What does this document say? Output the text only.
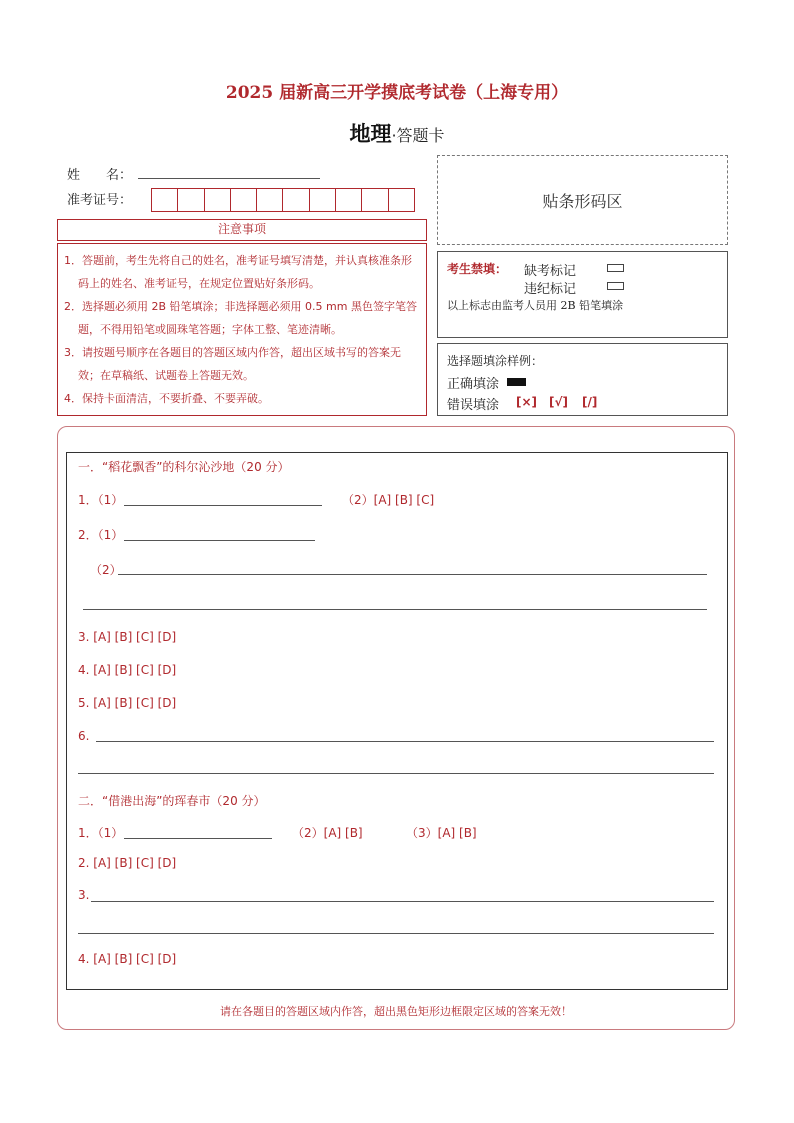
2025 届新高三开学摸底考试卷（上海专用）
地理·答题卡
姓　　名：
准考证号：	贴条形码区
注意事项

1．答题前，考生先将自己的姓名，准考证号填写清楚，并认真核准条形码上的姓名、准考证号，在规定位置贴好条形码。

2．选择题必须用 2B 铅笔填涂；非选择题必须用 0.5 mm 黑色签字笔答题，不得用铅笔或圆珠笔答题；字体工整、笔迹清晰。

3．请按题号顺序在各题目的答题区域内作答，超出区域书写的答案无效；在草稿纸、试题卷上答题无效。

4．保持卡面清洁，不要折叠、不要弄破。

考生禁填： 缺考标记
违纪标记
以上标志由监考人员用 2B 铅笔填涂
选择题填涂样例：
正确填涂
错误填涂 [×] [√] [/]
一．“稻花飘香”的科尔沁沙地（20 分）
1．（1）	（2）[A] [B] [C]
2．（1）
（2）
3. [A] [B] [C] [D]
4. [A] [B] [C] [D]
5. [A] [B] [C] [D]
6.
二．“借港出海”的珲春市（20 分）
1．（1）	（2）[A] [B]	（3）[A] [B]
2. [A] [B] [C] [D]
3.
4. [A] [B] [C] [D]
请在各题目的答题区域内作答，超出黑色矩形边框限定区域的答案无效！
